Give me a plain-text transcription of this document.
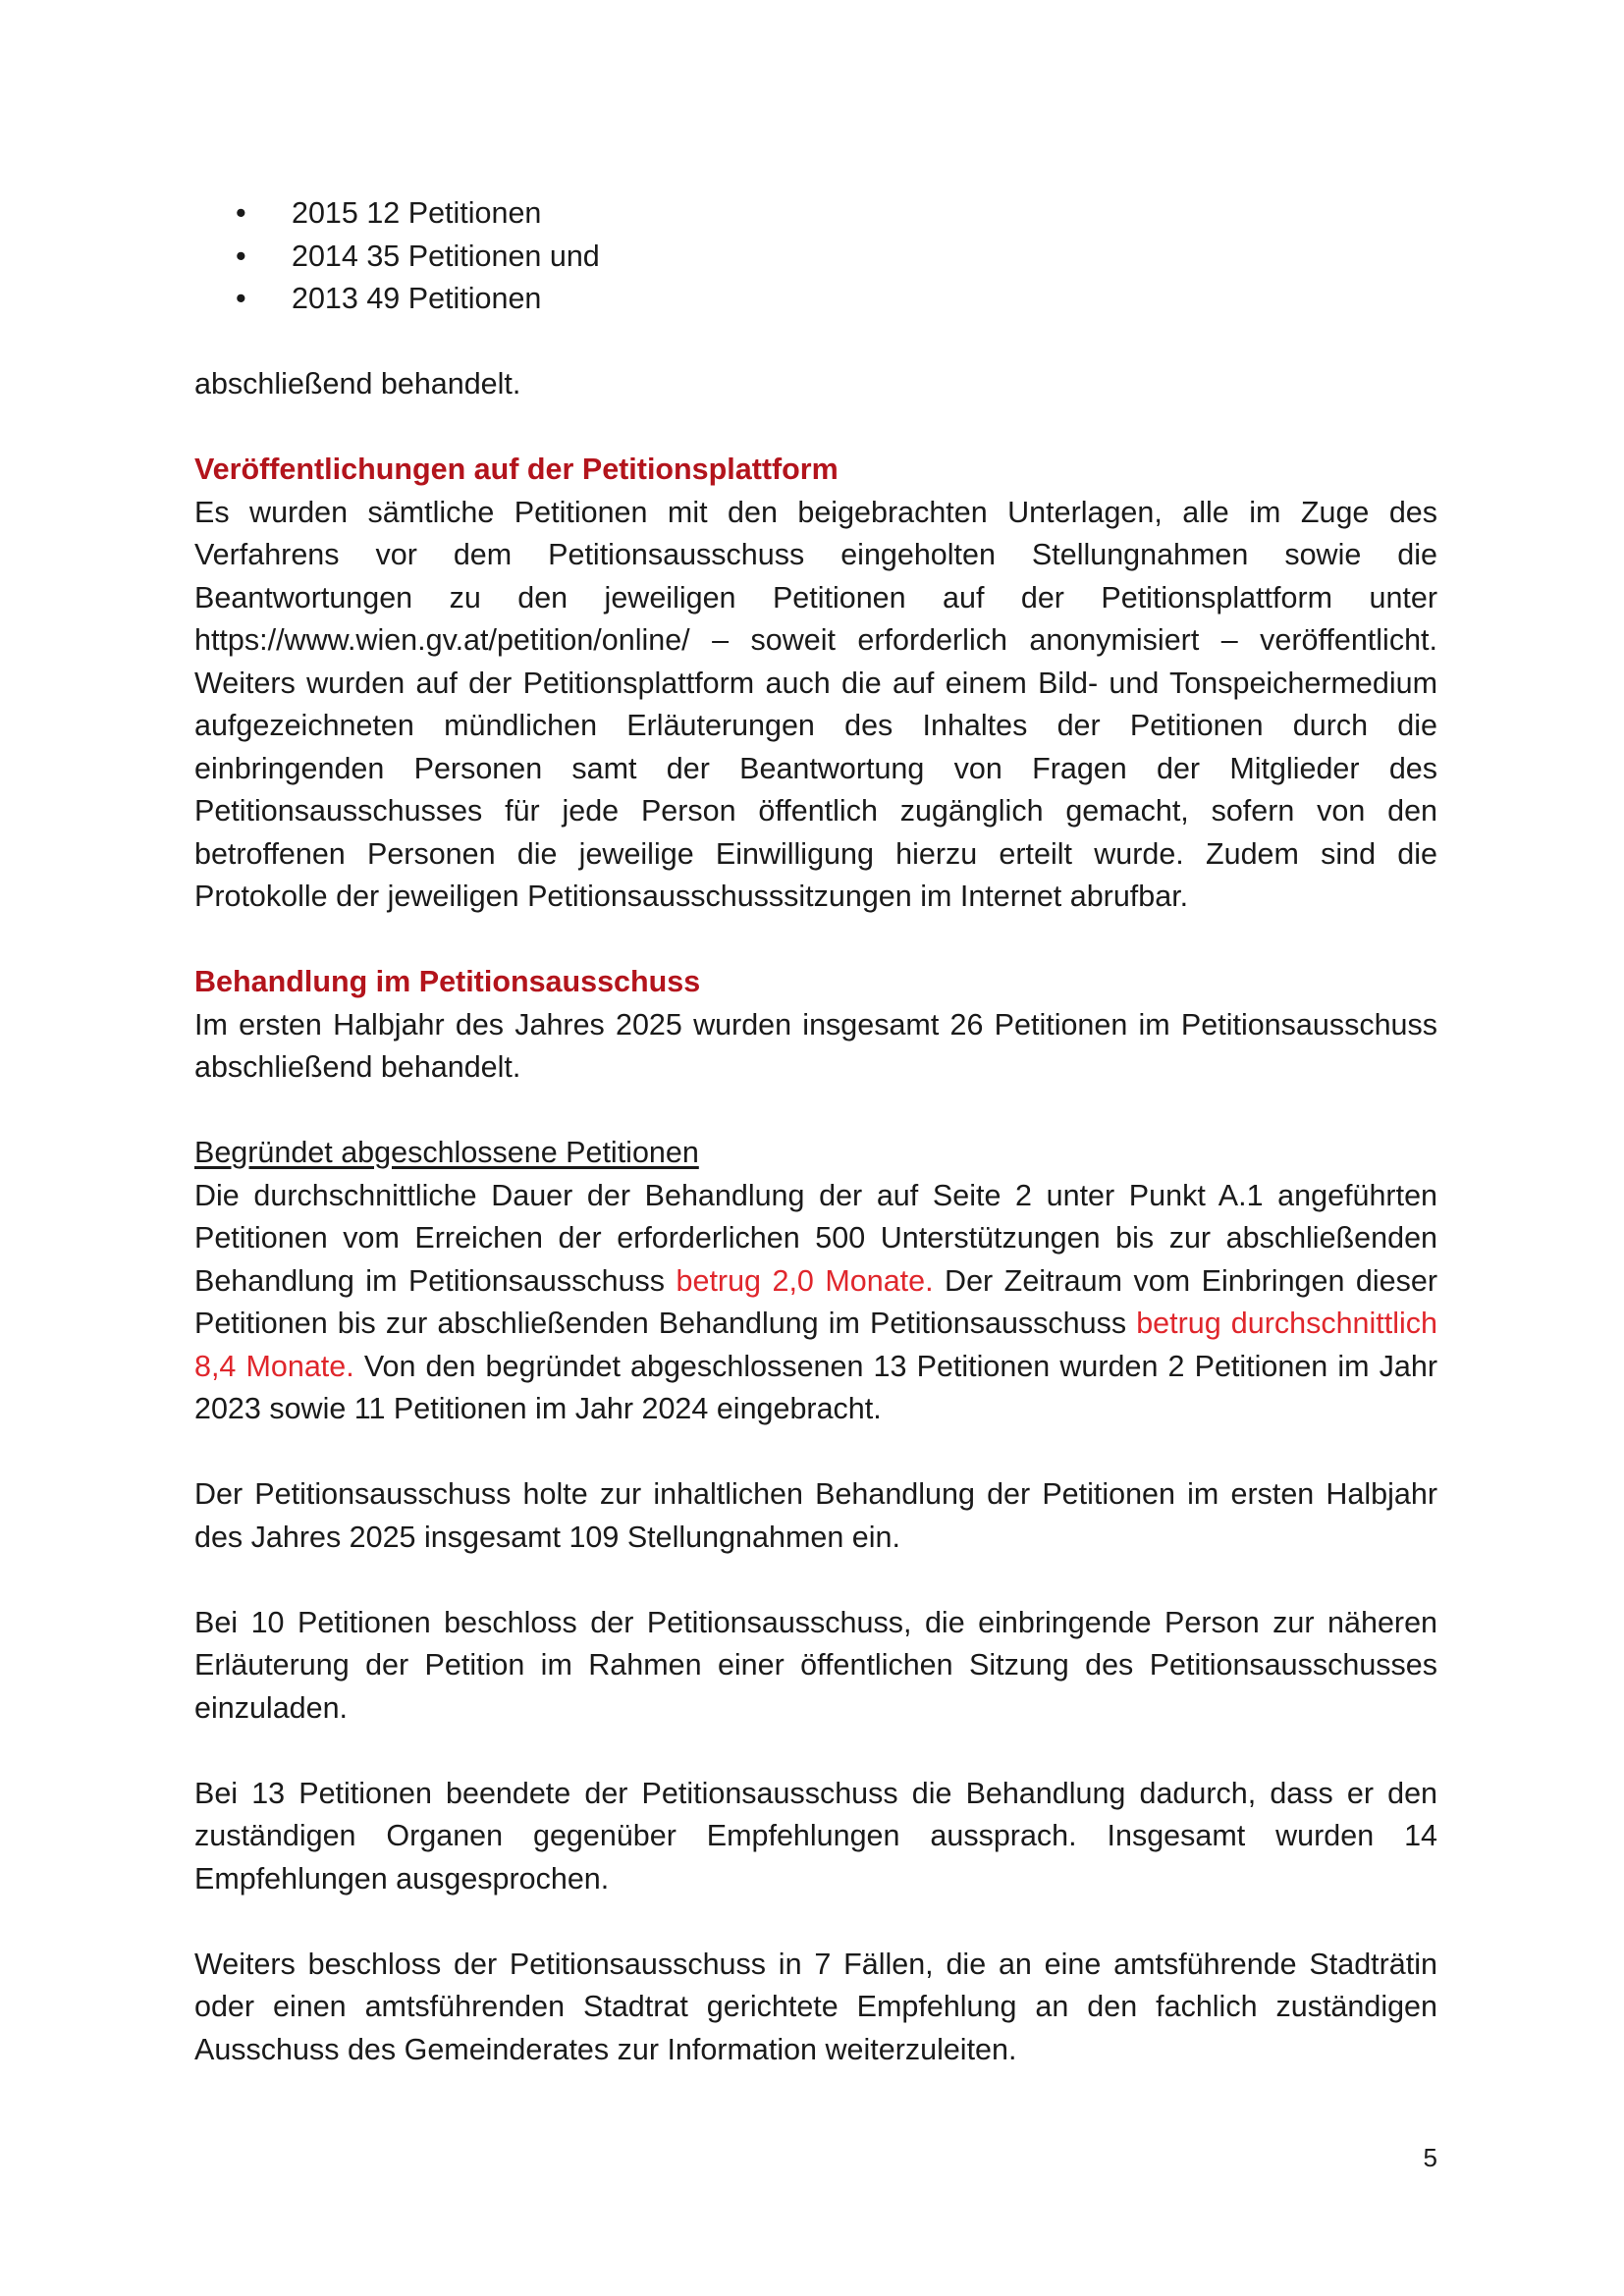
• 2015 12 Petitionen
• 2014 35 Petitionen und
• 2013 49 Petitionen

abschließend behandelt.

Veröffentlichungen auf der Petitionsplattform

Es wurden sämtliche Petitionen mit den beigebrachten Unterlagen, alle im Zuge des Verfahrens vor dem Petitionsausschuss eingeholten Stellungnahmen sowie die Beantwortungen zu den jeweiligen Petitionen auf der Petitionsplattform unter https://www.wien.gv.at/petition/online/ – soweit erforderlich anonymisiert – veröffentlicht. Weiters wurden auf der Petitionsplattform auch die auf einem Bild- und Tonspeichermedium aufgezeichneten mündlichen Erläuterungen des Inhaltes der Petitionen durch die einbringenden Personen samt der Beantwortung von Fragen der Mitglieder des Petitionsausschusses für jede Person öffentlich zugänglich gemacht, sofern von den betroffenen Personen die jeweilige Einwilligung hierzu erteilt wurde. Zudem sind die Protokolle der jeweiligen Petitionsausschusssitzungen im Internet abrufbar.

Behandlung im Petitionsausschuss

Im ersten Halbjahr des Jahres 2025 wurden insgesamt 26 Petitionen im Petitionsausschuss abschließend behandelt.

Begründet abgeschlossene Petitionen

Die durchschnittliche Dauer der Behandlung der auf Seite 2 unter Punkt A.1 angeführten Petitionen vom Erreichen der erforderlichen 500 Unterstützungen bis zur abschließenden Behandlung im Petitionsausschuss betrug 2,0 Monate. Der Zeitraum vom Einbringen dieser Petitionen bis zur abschließenden Behandlung im Petitionsausschuss betrug durchschnittlich 8,4 Monate. Von den begründet abgeschlossenen 13 Petitionen wurden 2 Petitionen im Jahr 2023 sowie 11 Petitionen im Jahr 2024 eingebracht.

Der Petitionsausschuss holte zur inhaltlichen Behandlung der Petitionen im ersten Halbjahr des Jahres 2025 insgesamt 109 Stellungnahmen ein.

Bei 10 Petitionen beschloss der Petitionsausschuss, die einbringende Person zur näheren Erläuterung der Petition im Rahmen einer öffentlichen Sitzung des Petitionsausschusses einzuladen.

Bei 13 Petitionen beendete der Petitionsausschuss die Behandlung dadurch, dass er den zuständigen Organen gegenüber Empfehlungen aussprach. Insgesamt wurden 14 Empfehlungen ausgesprochen.

Weiters beschloss der Petitionsausschuss in 7 Fällen, die an eine amtsführende Stadträtin oder einen amtsführenden Stadtrat gerichtete Empfehlung an den fachlich zuständigen Ausschuss des Gemeinderates zur Information weiterzuleiten.

5
